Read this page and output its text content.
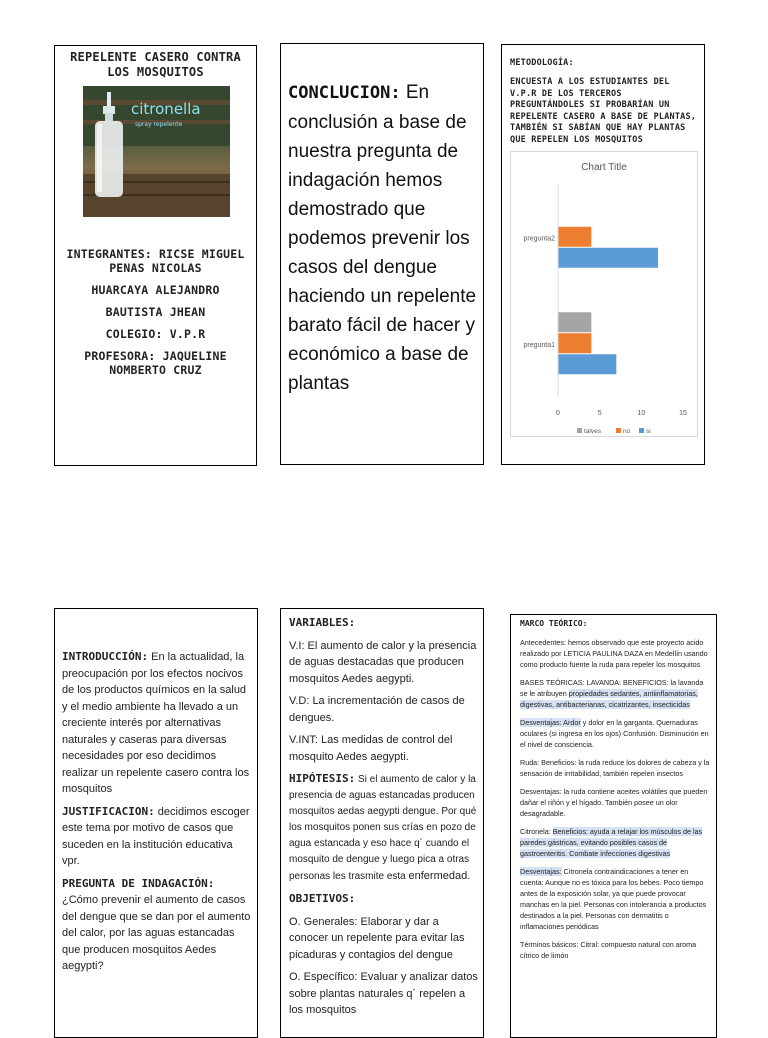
REPELENTE CASERO CONTRA LOS MOSQUITOS
citronella
spray repelente
INTEGRANTES: RICSE MIGUEL PENAS NICOLAS
HUARCAYA ALEJANDRO
BAUTISTA JHEAN
COLEGIO: V.P.R
PROFESORA: JAQUELINE NOMBERTO CRUZ
CONCLUCION: En conclusión a base de nuestra pregunta de indagación hemos demostrado que podemos prevenir los casos del dengue haciendo un repelente barato fácil de hacer y económico a base de plantas
METODOLOGÍA:
ENCUESTA A LOS ESTUDIANTES DEL V.P.R DE LOS TERCEROS PREGUNTÁNDOLES SI PROBARÍAN UN REPELENTE CASERO A BASE DE PLANTAS, TAMBIÉN SI SABÍAN QUE HAY PLANTAS QUE REPELEN LOS MOSQUITOS
Chart Title
pregunta1
pregunta2
0	5	10	15
talves	no si

INTRODUCCIÓN: En la actualidad, la preocupación por los efectos nocivos de los productos químicos en la salud y el medio ambiente ha llevado a un creciente interés por alternativas naturales y caseras para diversas necesidades por eso decidimos realizar un repelente casero contra los mosquitos

JUSTIFICACION: decidimos escoger este tema por motivo de casos que suceden en la institución educativa vpr.

PREGUNTA DE INDAGACIÓN:

¿Cómo prevenir el aumento de casos del dengue que se dan por el aumento del calor, por las aguas estancadas que producen mosquitos Aedes aegypti?

VARIABLES:

V.I: El aumento de calor y la presencia de aguas destacadas que producen mosquitos Aedes aegypti.

V.D: La incrementación de casos de dengues.

V.INT: Las medidas de control del mosquito Aedes aegypti.

HIPÓTESIS: Si el aumento de calor y la presencia de aguas estancadas producen mosquitos aedas aegypti dengue. Por qué los mosquitos ponen sus crías en pozo de agua estancada y eso hace q´ cuando el mosquito de dengue y luego pica a otras personas les trasmite esta enfermedad.

OBJETIVOS:

O. Generales: Elaborar y dar a conocer un repelente para evitar las picaduras y contagios del dengue

O. Específico: Evaluar y analizar datos sobre plantas naturales q´ repelen a los mosquitos

MARCO TEÓRICO:

Antecedentes: hemos observado que este proyecto acido realizado por LETICIA PAULINA DAZA en Medellín usando como producto fuente la ruda para repeler los mosquitos

BASES TEÓRICAS: LAVANDA: BENEFICIOS: la lavanda se le atribuyen propiedades sedantes, antiinflamatorias, digestivas, antibacterianas, cicatrizantes, insecticidas

Desventajas: Ardor y dolor en la garganta. Quemaduras oculares (si ingresa en los ojos) Confusión. Disminución en el nivel de consciencia.

Ruda: Beneficios: la ruda reduce los dolores de cabeza y la sensación de irritabilidad, también repelen insectos

Desventajas: la ruda contiene aceites volátiles que pueden dañar el riñón y el hígado. También posee un olor desagradable.

Citronela: Beneficios: ayuda a relajar los músculos de las paredes gástricas, evitando posibles casos de gastroenteritis. Combate infecciones digestivas

Desventajas: Citronela contraindicaciones a tener en cuenta: Aunque no es tóxica para los bebes. Poco tiempo antes de la exposición solar, ya que puede provocar manchas en la piel. Personas con intolerancia a productos destinados a la piel. Personas con dermatitis o inflamaciones periódicas

Términos básicos: Citral: compuesto natural con aroma cítrico de limón
